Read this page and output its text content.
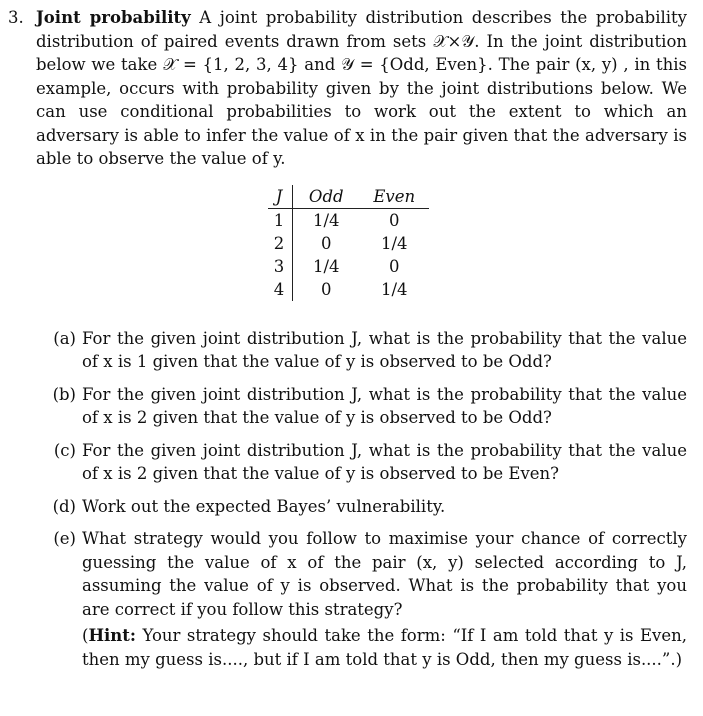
3. Joint probability A joint probability distribution describes the probability distribution of paired events drawn from sets 𝒳×𝒴. In the joint distribution below we take 𝒳 = {1, 2, 3, 4} and 𝒴 = {Odd, Even}. The pair (x, y) , in this example, occurs with probability given by the joint distributions below. We can use conditional probabilities to work out the extent to which an adversary is able to infer the value of x in the pair given that the adversary is able to observe the value of y.

J	Odd	Even
1	1/4	0
2	0	1/4
3	1/4	0
4	0	1/4
(a) For the given joint distribution J, what is the probability that the value of x is 1 given that the value of y is observed to be Odd?
(b) For the given joint distribution J, what is the probability that the value of x is 2 given that the value of y is observed to be Odd?
(c) For the given joint distribution J, what is the probability that the value of x is 2 given that the value of y is observed to be Even?
(d) Work out the expected Bayes’ vulnerability.
(e) What strategy would you follow to maximise your chance of correctly guessing the value of x of the pair (x, y) selected according to J, assuming the value of y is observed. What is the probability that you are correct if you follow this strategy?
(Hint: Your strategy should take the form: “If I am told that y is Even, then my guess is...., but if I am told that y is Odd, then my guess is....”.)
